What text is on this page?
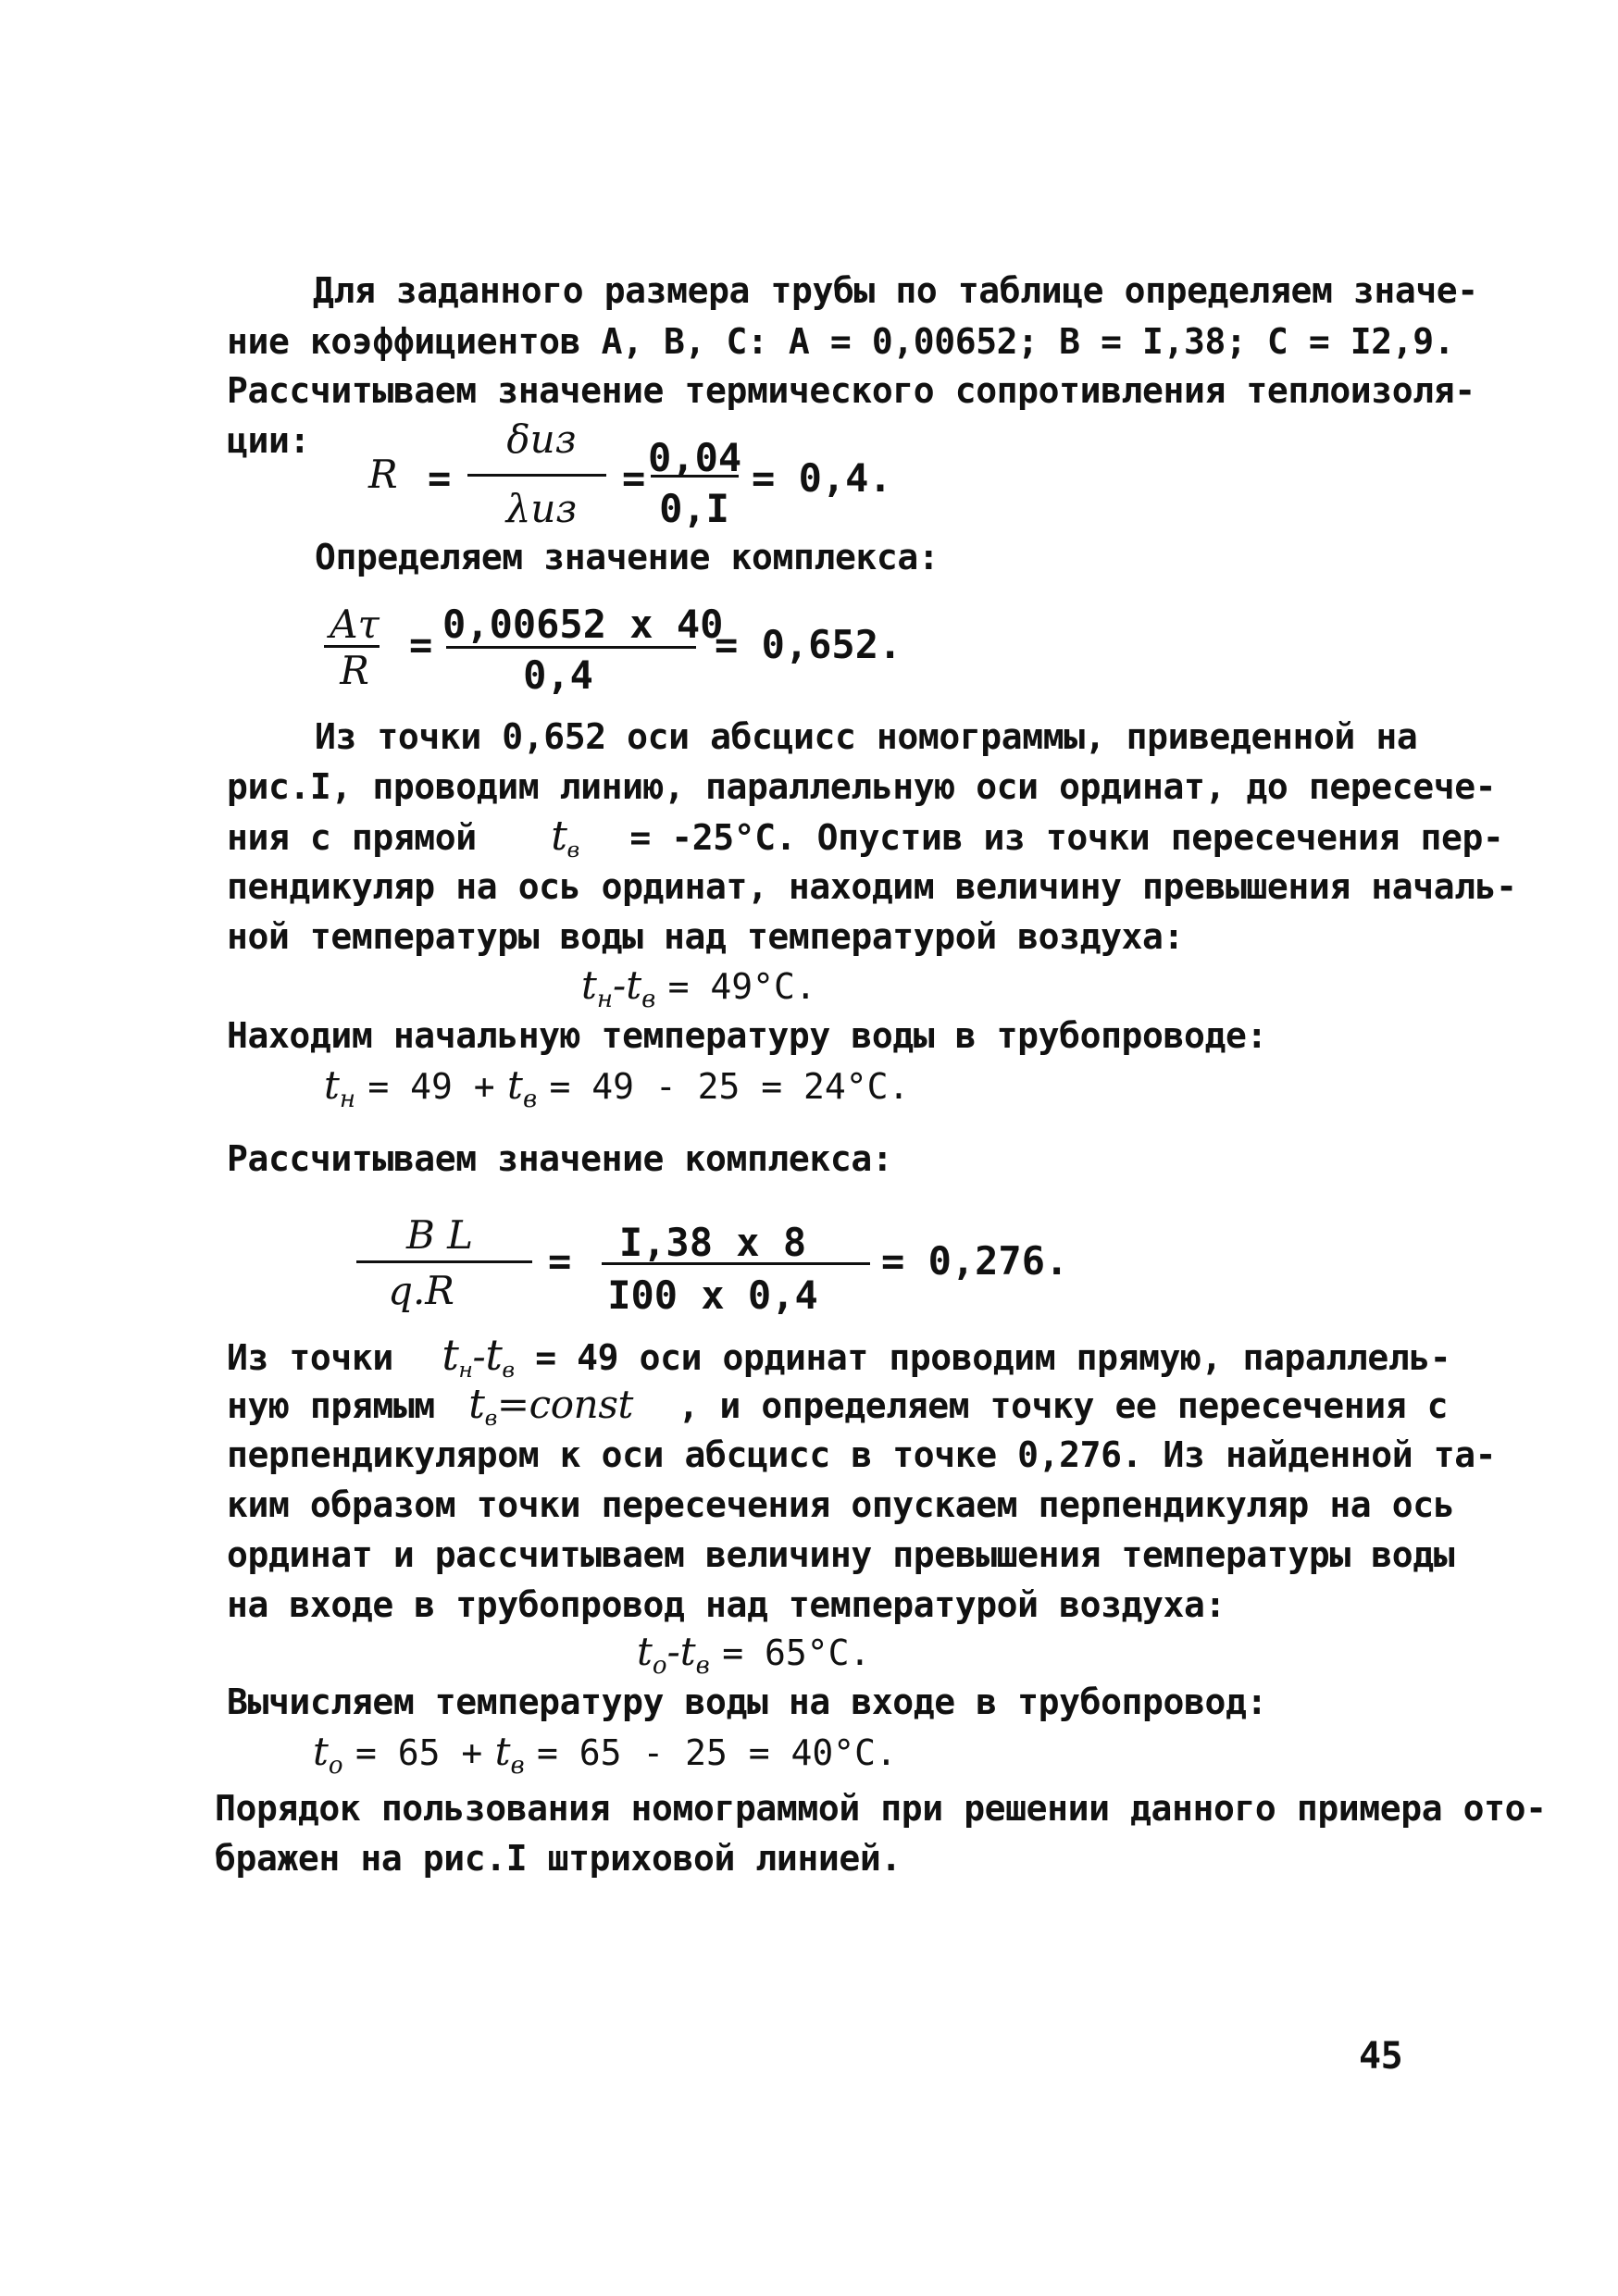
Для заданного размера трубы по таблице определяем значе-
ние коэффициентов A, B, C: A = 0,00652; B = I,38; C = I2,9.
Рассчитываем значение термического сопротивления теплоизоля-
ции:
R =
δиз
λиз
= 0,04
0,I
= 0,4.
Определяем значение комплекса:
Aτ
R
= 0,00652 x 40
0,4
= 0,652.
Из точки 0,652 оси абсцисс номограммы, приведенной на
рис.I, проводим линию, параллельную оси ординат, до пересече-
ния с прямой $t_в = -25^\circ С$. Опустив из точки пересечения пер-
пендикуляр на ось ординат, находим величину превышения началь-
ной температуры воды над температурой воздуха:
$t_н-t_в = 49^\circ С$.
Находим начальную температуру воды в трубопроводе:
$t_н = 49 + t_в = 49 - 25 = 24^\circ С$.
Рассчитываем значение комплекса:
B L
q.R
=	I,38 x 8
I00 x 0,4
= 0,276.
Из точки $t_н-t_в = 49$ оси ординат проводим прямую, параллель-
ную прямым $t_в=const$ , и определяем точку ее пересечения с
перпендикуляром к оси абсцисс в точке 0,276. Из найденной та-
ким образом точки пересечения опускаем перпендикуляр на ось
ординат и рассчитываем величину превышения температуры воды
на входе в трубопровод над температурой воздуха:
$t_o-t_в = 65^\circ С$.
Вычисляем температуру воды на входе в трубопровод:
$t_o = 65 + t_в = 65 - 25 = 40^\circ С$.
Порядок пользования номограммой при решении данного примера ото-
бражен на рис.I штриховой линией.
45
